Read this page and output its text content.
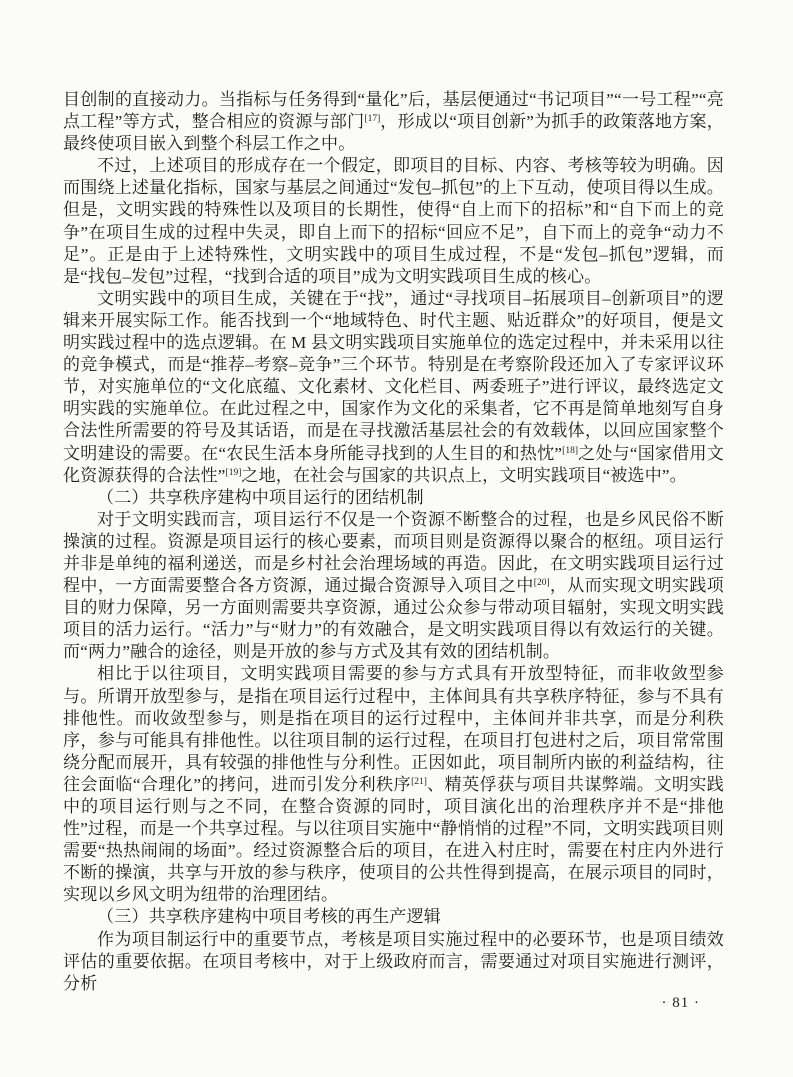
目创制的直接动力。当指标与任务得到“量化”后，基层便通过“书记项目”“一号工程”“亮点工程”等方式，整合相应的资源与部门[17]，形成以“项目创新”为抓手的政策落地方案，最终使项目嵌入到整个科层工作之中。

不过，上述项目的形成存在一个假定，即项目的目标、内容、考核等较为明确。因而围绕上述量化指标，国家与基层之间通过“发包–抓包”的上下互动，使项目得以生成。但是，文明实践的特殊性以及项目的长期性，使得“自上而下的招标”和“自下而上的竞争”在项目生成的过程中失灵，即自上而下的招标“回应不足”，自下而上的竞争“动力不足”。正是由于上述特殊性，文明实践中的项目生成过程，不是“发包–抓包”逻辑，而是“找包–发包”过程，“找到合适的项目”成为文明实践项目生成的核心。

文明实践中的项目生成，关键在于“找”，通过“寻找项目–拓展项目–创新项目”的逻辑来开展实际工作。能否找到一个“地域特色、时代主题、贴近群众”的好项目，便是文明实践过程中的选点逻辑。在 M 县文明实践项目实施单位的选定过程中，并未采用以往的竞争模式，而是“推荐–考察–竞争”三个环节。特别是在考察阶段还加入了专家评议环节，对实施单位的“文化底蕴、文化素材、文化栏目、两委班子”进行评议，最终选定文明实践的实施单位。在此过程之中，国家作为文化的采集者，它不再是简单地刻写自身合法性所需要的符号及其话语，而是在寻找激活基层社会的有效载体，以回应国家整个文明建设的需要。在“农民生活本身所能寻找到的人生目的和热忱”[18]之处与“国家借用文化资源获得的合法性”[19]之地，在社会与国家的共识点上，文明实践项目“被选中”。

（二）共享秩序建构中项目运行的团结机制

对于文明实践而言，项目运行不仅是一个资源不断整合的过程，也是乡风民俗不断操演的过程。资源是项目运行的核心要素，而项目则是资源得以聚合的枢纽。项目运行并非是单纯的福利递送，而是乡村社会治理场域的再造。因此，在文明实践项目运行过程中，一方面需要整合各方资源，通过撮合资源导入项目之中[20]，从而实现文明实践项目的财力保障，另一方面则需要共享资源，通过公众参与带动项目辐射，实现文明实践项目的活力运行。“活力”与“财力”的有效融合，是文明实践项目得以有效运行的关键。而“两力”融合的途径，则是开放的参与方式及其有效的团结机制。

相比于以往项目，文明实践项目需要的参与方式具有开放型特征，而非收敛型参与。所谓开放型参与，是指在项目运行过程中，主体间具有共享秩序特征，参与不具有排他性。而收敛型参与，则是指在项目的运行过程中，主体间并非共享，而是分利秩序，参与可能具有排他性。以往项目制的运行过程，在项目打包进村之后，项目常常围绕分配而展开，具有较强的排他性与分利性。正因如此，项目制所内嵌的利益结构，往往会面临“合理化”的拷问，进而引发分利秩序[21]、精英俘获与项目共谋弊端。文明实践中的项目运行则与之不同，在整合资源的同时，项目演化出的治理秩序并不是“排他性”过程，而是一个共享过程。与以往项目实施中“静悄悄的过程”不同，文明实践项目则需要“热热闹闹的场面”。经过资源整合后的项目，在进入村庄时，需要在村庄内外进行不断的操演，共享与开放的参与秩序，使项目的公共性得到提高，在展示项目的同时，实现以乡风文明为纽带的治理团结。

（三）共享秩序建构中项目考核的再生产逻辑

作为项目制运行中的重要节点，考核是项目实施过程中的必要环节，也是项目绩效评估的重要依据。在项目考核中，对于上级政府而言，需要通过对项目实施进行测评，分析

· 81 ·
